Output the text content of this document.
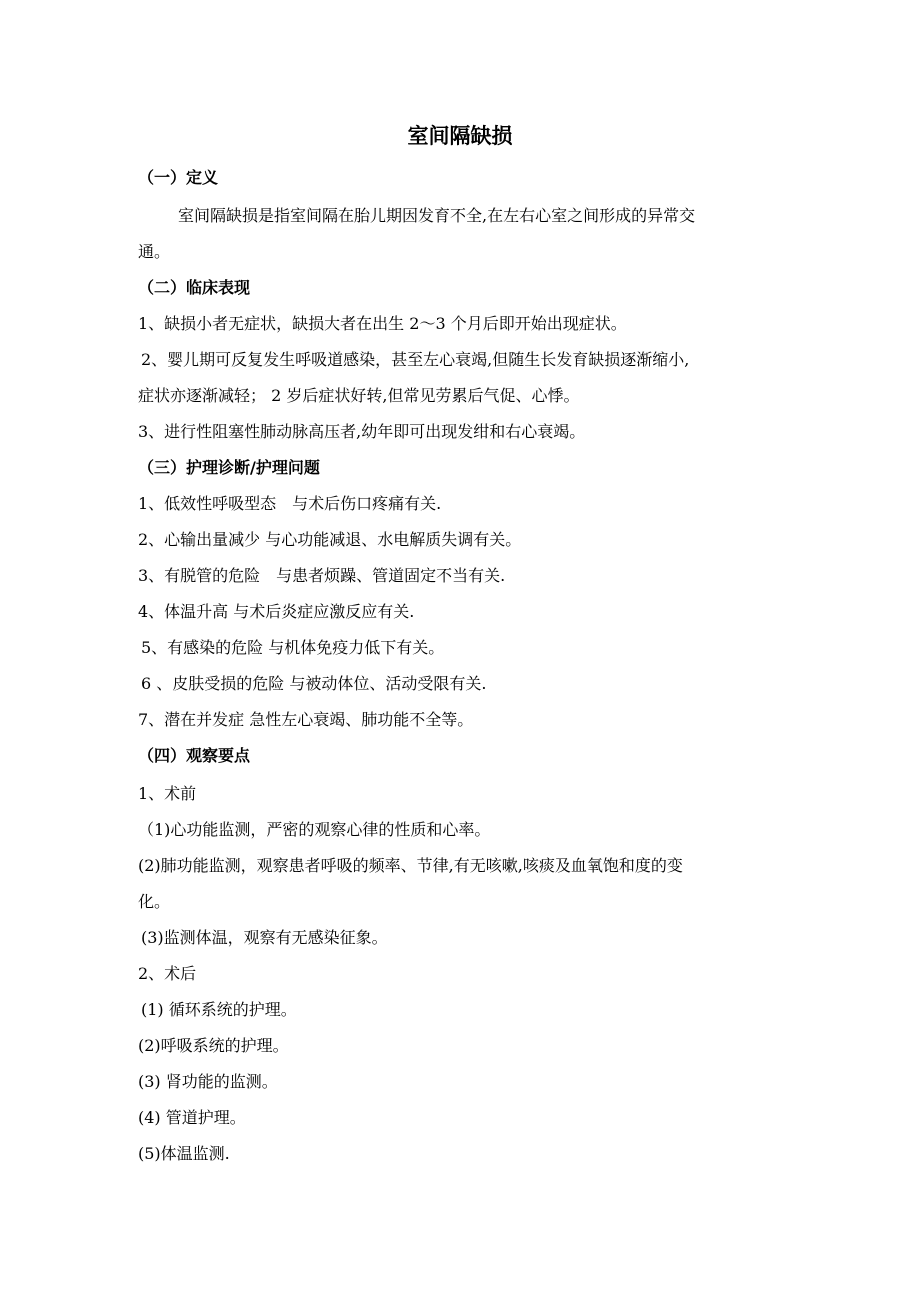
室间隔缺损

（一）定义

室间隔缺损是指室间隔在胎儿期因发育不全,在左右心室之间形成的异常交

通。

（二）临床表现

1、缺损小者无症状，缺损大者在出生 2～3 个月后即开始出现症状。

2、婴儿期可反复发生呼吸道感染，甚至左心衰竭,但随生长发育缺损逐渐缩小,

症状亦逐渐减轻； 2 岁后症状好转,但常见劳累后气促、心悸。

3、进行性阻塞性肺动脉高压者,幼年即可出现发绀和右心衰竭。

（三）护理诊断/护理问题

1、低效性呼吸型态　与术后伤口疼痛有关.

2、心输出量减少 与心功能减退、水电解质失调有关。

3、有脱管的危险　与患者烦躁、管道固定不当有关.

4、体温升高 与术后炎症应激反应有关.

5、有感染的危险 与机体免疫力低下有关。

6 、皮肤受损的危险 与被动体位、活动受限有关.

7、潜在并发症 急性左心衰竭、肺功能不全等。

（四）观察要点

1、术前

（1)心功能监测，严密的观察心律的性质和心率。

(2)肺功能监测，观察患者呼吸的频率、节律,有无咳嗽,咳痰及血氧饱和度的变

化。

(3)监测体温，观察有无感染征象。

2、术后

(1) 循环系统的护理。

(2)呼吸系统的护理。

(3) 肾功能的监测。

(4) 管道护理。

(5)体温监测.
